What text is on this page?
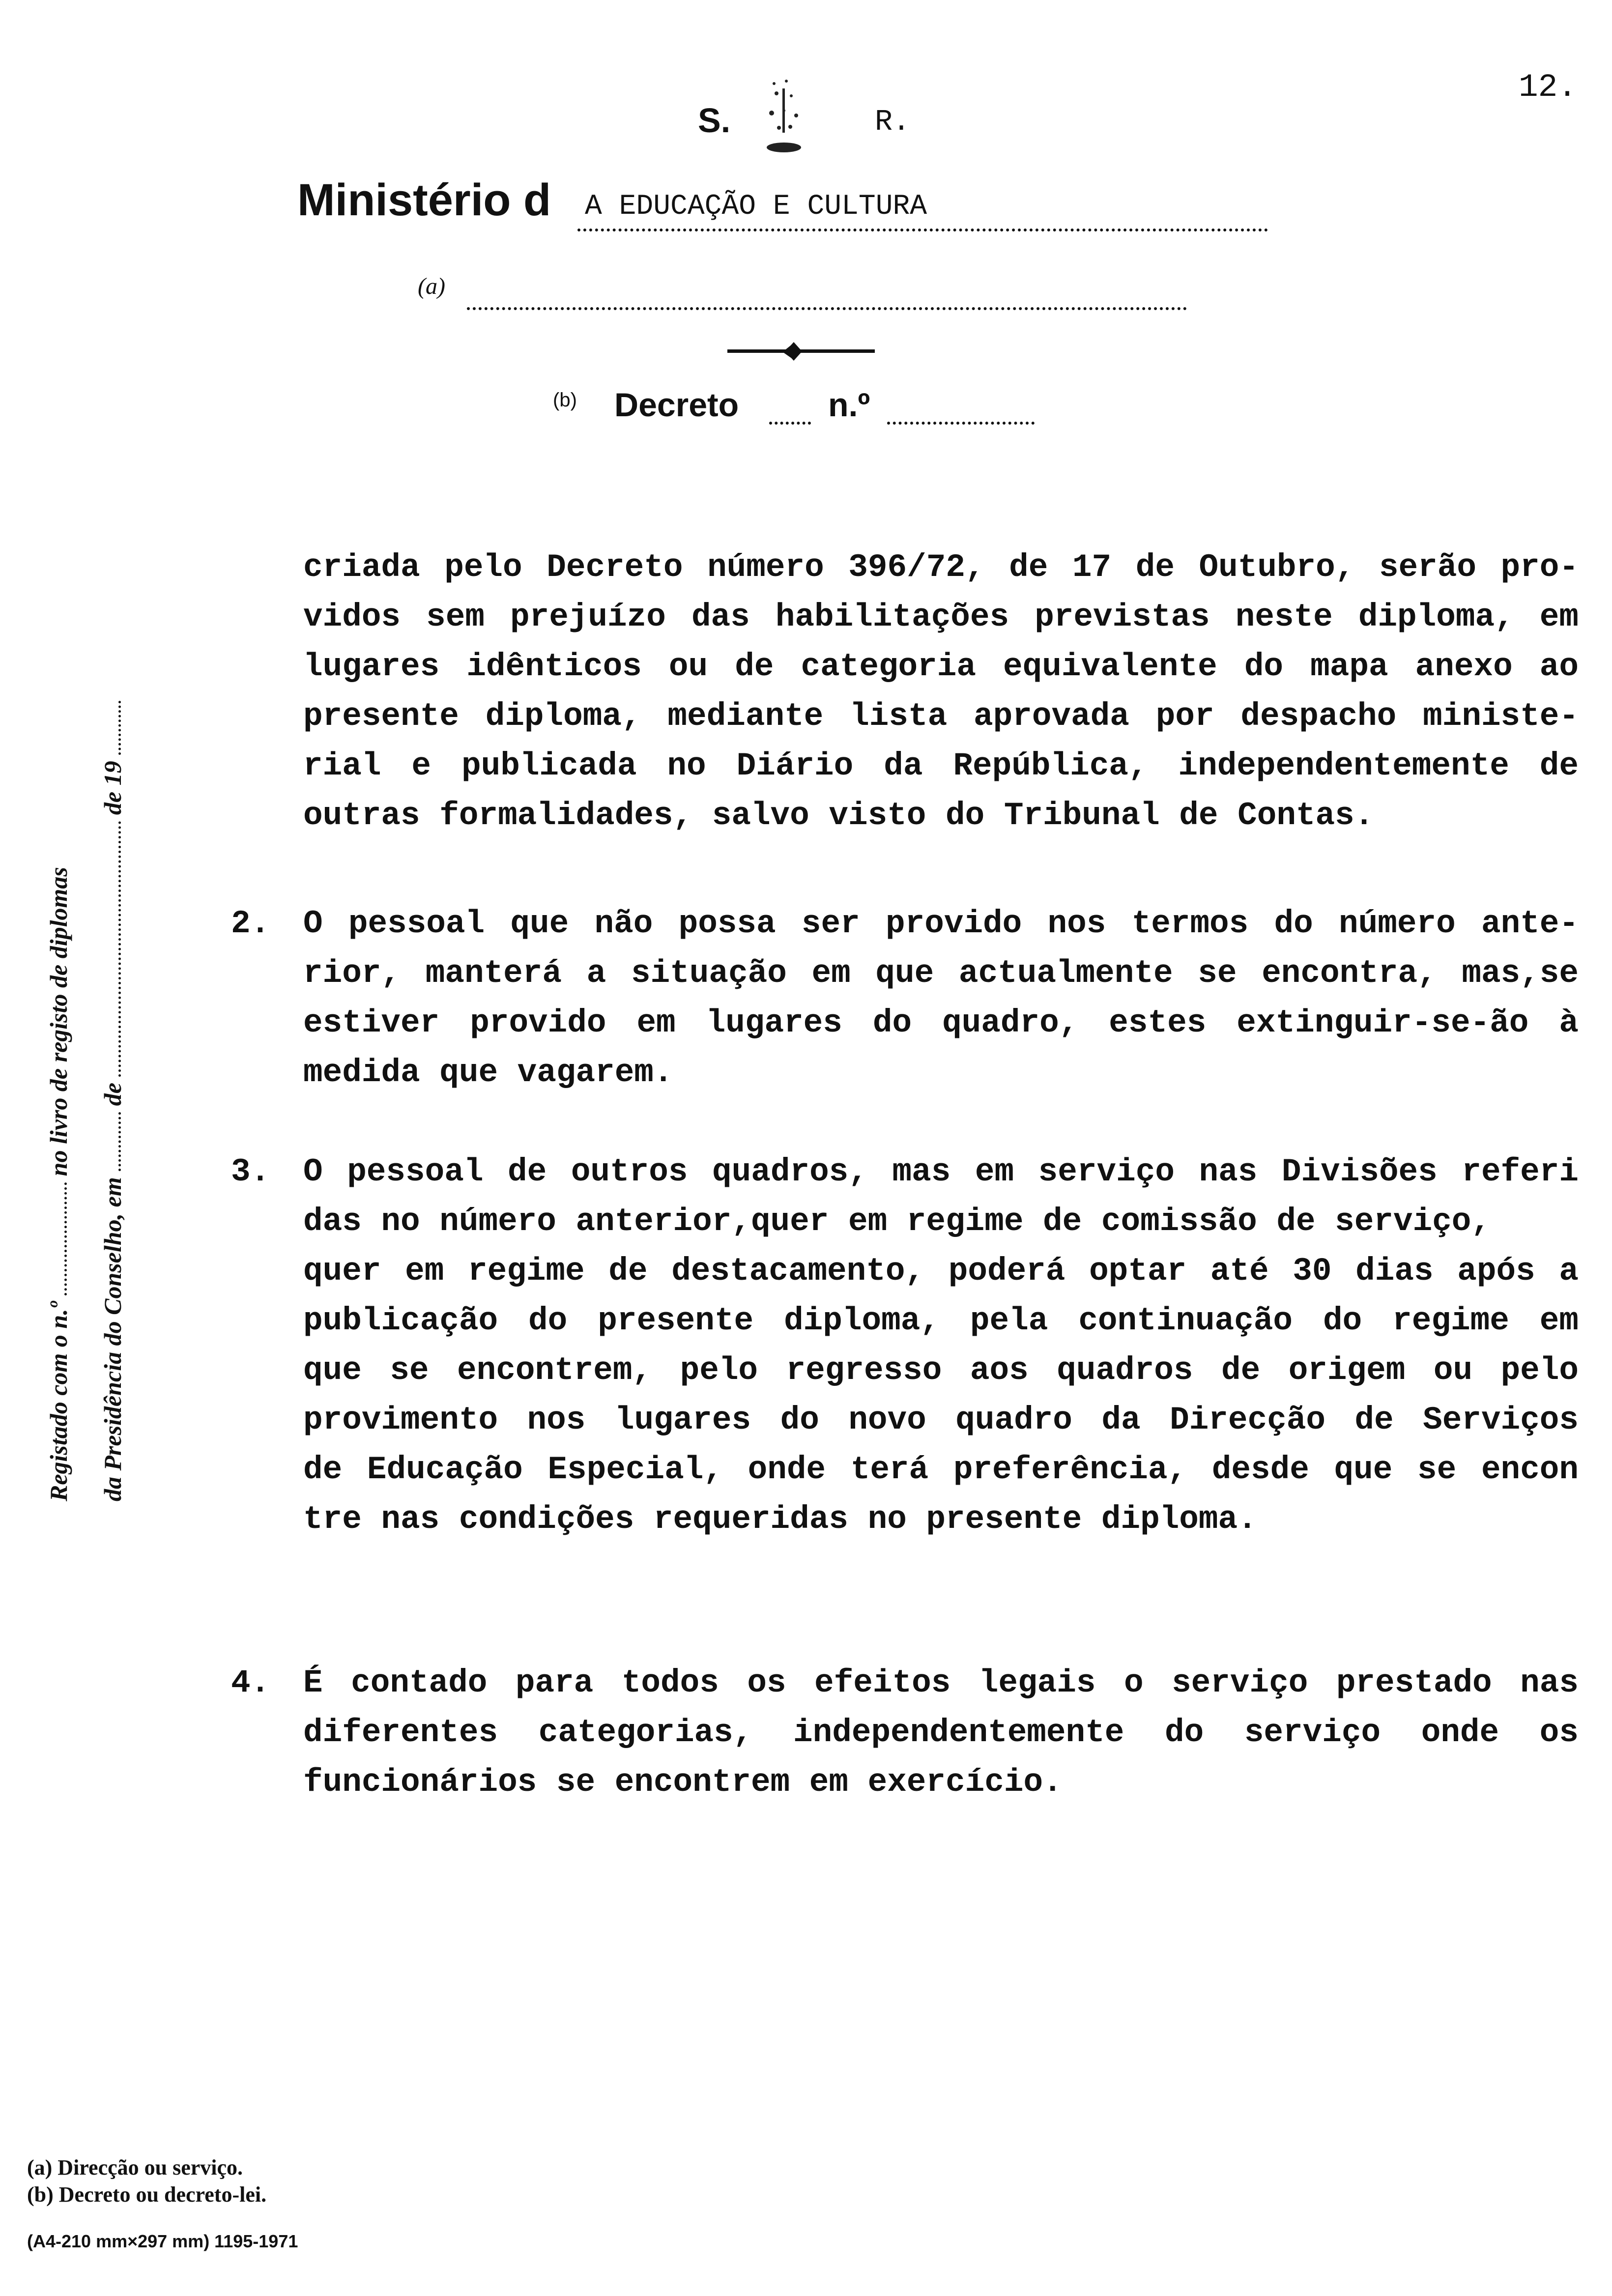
S.	R.
12.
Ministério d A EDUCAÇÃO E CULTURA
(a)
(b) Decreto	n.º
Registado com o n.º  no livro de registo de diplomas
da Presidência do Conselho, em  de  de 19
criada pelo Decreto número 396/72, de 17 de Outubro, serão pro-
vidos sem prejuízo das habilitações previstas neste diploma, em
lugares idênticos ou de categoria equivalente do mapa anexo ao
presente diploma, mediante lista aprovada por despacho ministe-
rial e publicada no Diário da República, independentemente de
outras formalidades, salvo visto do Tribunal de Contas.
2. O pessoal que não possa ser provido nos termos do número ante-
rior, manterá a situação em que actualmente se encontra, mas,se
estiver provido em lugares do quadro, estes extinguir-se-ão à
medida que vagarem.
3. O pessoal de outros quadros, mas em serviço nas Divisões referi
das no número anterior,quer em regime de comissão de serviço,
quer em regime de destacamento, poderá optar até 30 dias após a
publicação do presente diploma, pela continuação do regime em
que se encontrem, pelo regresso aos quadros de origem ou pelo
provimento nos lugares do novo quadro da Direcção de Serviços
de Educação Especial, onde terá preferência, desde que se encon
tre nas condições requeridas no presente diploma.
4. É contado para todos os efeitos legais o serviço prestado nas
diferentes categorias, independentemente do serviço onde os
funcionários se encontrem em exercício.
(a) Direcção ou serviço.
(b) Decreto ou decreto-lei.
(A4-210 mm×297 mm) 1195-1971
